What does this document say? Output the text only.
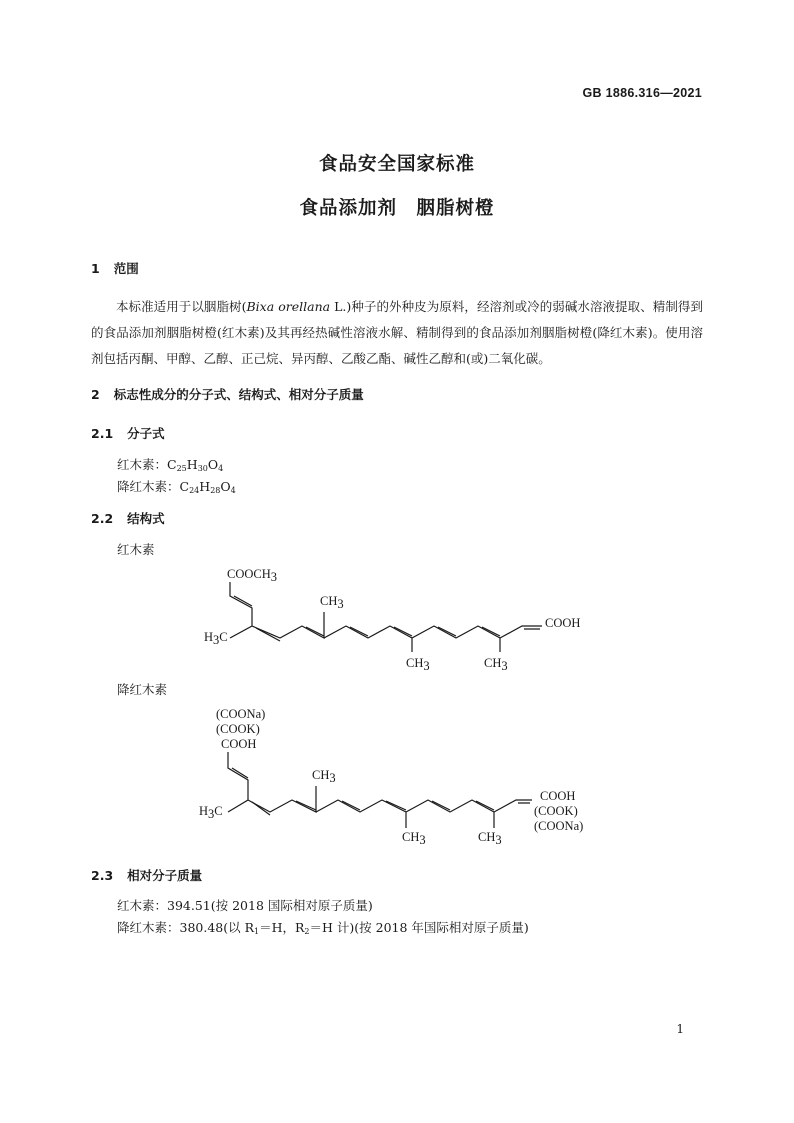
GB 1886.316—2021
食品安全国家标准
食品添加剂　胭脂树橙
1 范围
本标准适用于以胭脂树(Bixa orellana L.)种子的外种皮为原料，经溶剂或冷的弱碱水溶液提取、精制得到的食品添加剂胭脂树橙(红木素)及其再经热碱性溶液水解、精制得到的食品添加剂胭脂树橙(降红木素)。使用溶剂包括丙酮、甲醇、乙醇、正己烷、异丙醇、乙酸乙酯、碱性乙醇和(或)二氧化碳。
2 标志性成分的分子式、结构式、相对分子质量
2.1 分子式
红木素：$C_{25}H_{30}O_4$
降红木素：$C_{24}H_{28}O_4$
2.2 结构式
红木素
COOCH3
CH3
H3C
COOH
CH3	CH3
降红木素
(COONa)
(COOK)
COOH
CH3
H3C
COOH
(COOK)
(COONa)
CH3	CH3
2.3 相对分子质量
红木素：394.51(按 2018 国际相对原子质量)
降红木素：380.48(以 $R_1=H$，$R_2=H$ 计)(按 2018 年国际相对原子质量)
1
